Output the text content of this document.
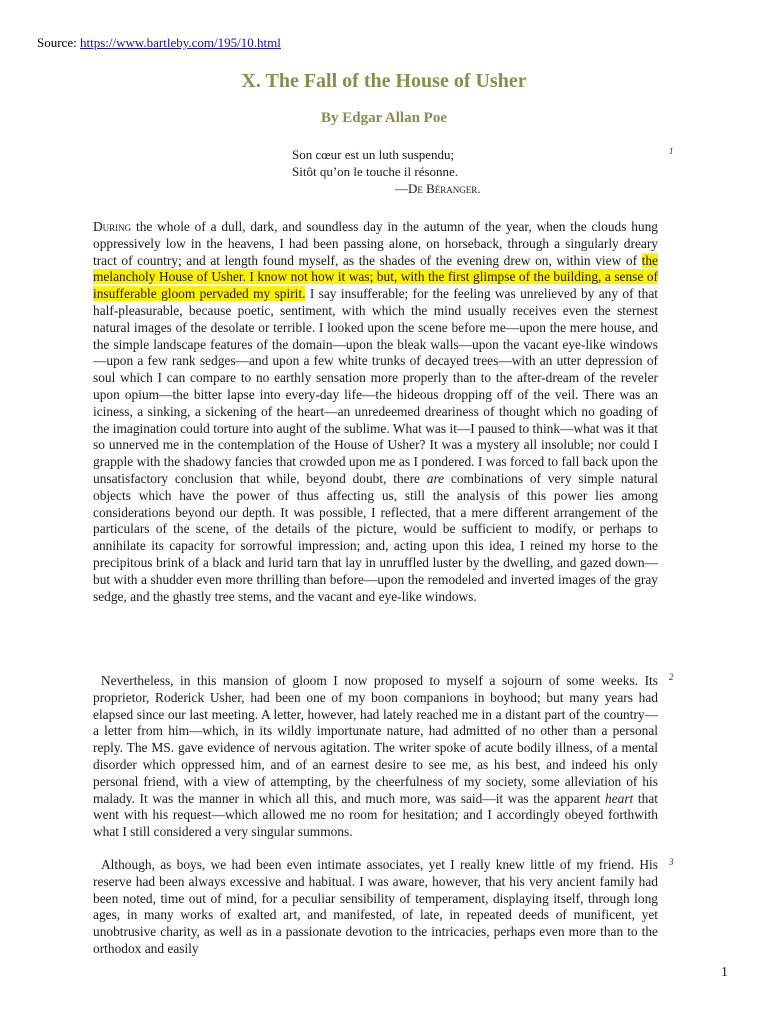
Source: https://www.bartleby.com/195/10.html
X. The Fall of the House of Usher
By Edgar Allan Poe
Son cœur est un luth suspendu;
Sitôt qu’on le touche il résonne.
—De Béranger.
1
2
3

During the whole of a dull, dark, and soundless day in the autumn of the year, when the clouds hung oppressively low in the heavens, I had been passing alone, on horseback, through a singularly dreary tract of country; and at length found myself, as the shades of the evening drew on, within view of the melancholy House of Usher. I know not how it was; but, with the first glimpse of the building, a sense of insufferable gloom pervaded my spirit. I say insufferable; for the feeling was unrelieved by any of that half-pleasurable, because poetic, sentiment, with which the mind usually receives even the sternest natural images of the desolate or terrible. I looked upon the scene before me—upon the mere house, and the simple landscape features of the domain—upon the bleak walls—upon the vacant eye-like windows—upon a few rank sedges—and upon a few white trunks of decayed trees—with an utter depression of soul which I can compare to no earthly sensation more properly than to the after-dream of the reveler upon opium—the bitter lapse into every-day life—the hideous dropping off of the veil. There was an iciness, a sinking, a sickening of the heart—an unredeemed dreariness of thought which no goading of the imagination could torture into aught of the sublime. What was it—I paused to think—what was it that so unnerved me in the contemplation of the House of Usher? It was a mystery all insoluble; nor could I grapple with the shadowy fancies that crowded upon me as I pondered. I was forced to fall back upon the unsatisfactory conclusion that while, beyond doubt, there are combinations of very simple natural objects which have the power of thus affecting us, still the analysis of this power lies among considerations beyond our depth. It was possible, I reflected, that a mere different arrangement of the particulars of the scene, of the details of the picture, would be sufficient to modify, or perhaps to annihilate its capacity for sorrowful impression; and, acting upon this idea, I reined my horse to the precipitous brink of a black and lurid tarn that lay in unruffled luster by the dwelling, and gazed down—but with a shudder even more thrilling than before—upon the remodeled and inverted images of the gray sedge, and the ghastly tree stems, and the vacant and eye-like windows.

Nevertheless, in this mansion of gloom I now proposed to myself a sojourn of some weeks. Its proprietor, Roderick Usher, had been one of my boon companions in boyhood; but many years had elapsed since our last meeting. A letter, however, had lately reached me in a distant part of the country—a letter from him—which, in its wildly importunate nature, had admitted of no other than a personal reply. The MS. gave evidence of nervous agitation. The writer spoke of acute bodily illness, of a mental disorder which oppressed him, and of an earnest desire to see me, as his best, and indeed his only personal friend, with a view of attempting, by the cheerfulness of my society, some alleviation of his malady. It was the manner in which all this, and much more, was said—it was the apparent heart that went with his request—which allowed me no room for hesitation; and I accordingly obeyed forthwith what I still considered a very singular summons.

Although, as boys, we had been even intimate associates, yet I really knew little of my friend. His reserve had been always excessive and habitual. I was aware, however, that his very ancient family had been noted, time out of mind, for a peculiar sensibility of temperament, displaying itself, through long ages, in many works of exalted art, and manifested, of late, in repeated deeds of munificent, yet unobtrusive charity, as well as in a passionate devotion to the intricacies, perhaps even more than to the orthodox and easily

1
